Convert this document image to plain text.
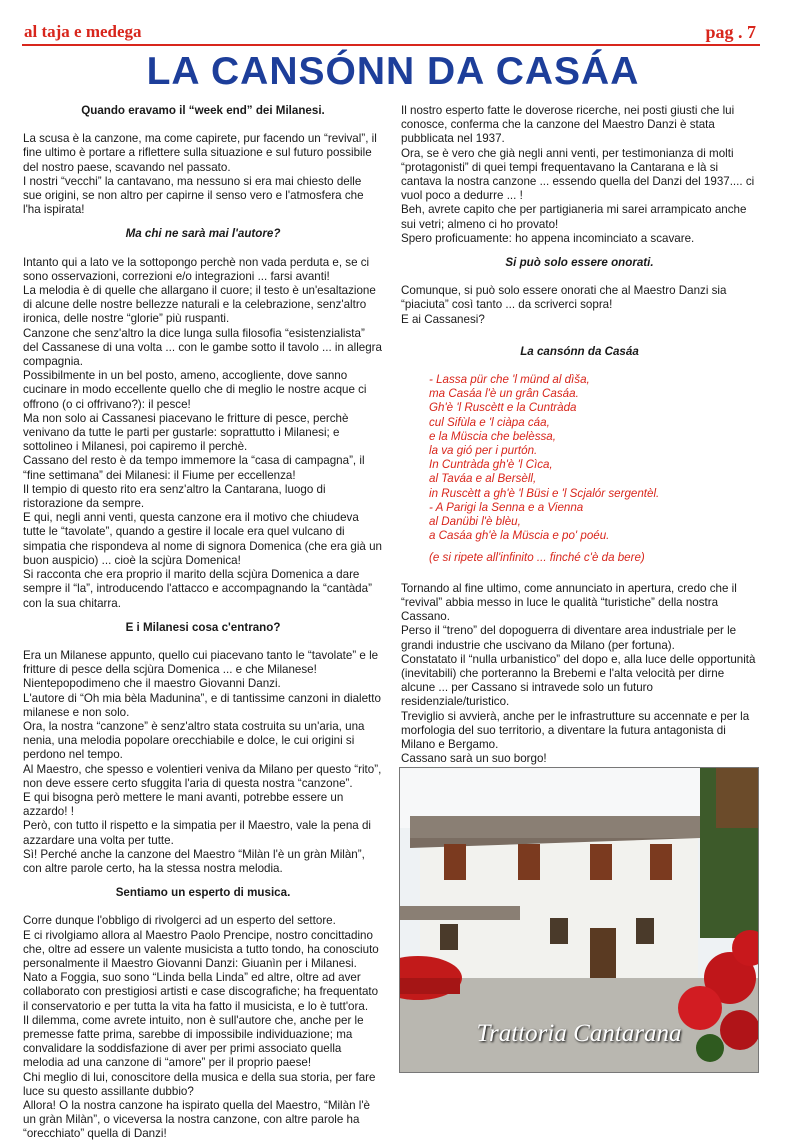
al taja e medega	pag . 7
LA CANSÓNN DA CASÁA
Quando eravamo il “week end” dei Milanesi.

La scusa è la canzone, ma come capirete, pur facendo un “revival”, il fine ultimo è portare a riflettere sulla situazione e sul futuro possibile del nostro paese, scavando nel passato.
I nostri “vecchi” la cantavano, ma nessuno si era mai chiesto delle sue origini, se non altro per capirne il senso vero e l'atmosfera che l'ha ispirata!

Ma chi ne sarà mai l'autore?

Intanto qui a lato ve la sottopongo perchè non vada perduta e, se ci sono osservazioni, correzioni e/o integrazioni ... farsi avanti!
La melodia è di quelle che allargano il cuore; il testo è un'esaltazione di alcune delle nostre bellezze naturali e la celebrazione, senz'altro ironica, delle nostre “glorie” più ruspanti.
Canzone che senz'altro la dice lunga sulla filosofia “esistenzialista” del Cassanese di una volta ... con le gambe sotto il tavolo ... in allegra compagnia.
Possibilmente in un bel posto, ameno, accogliente, dove sanno cucinare in modo eccellente quello che di meglio le nostre acque ci offrono (o ci offrivano?): il pesce!
Ma non solo ai Cassanesi piacevano le fritture di pesce, perchè venivano da tutte le parti per gustarle: soprattutto i Milanesi; e sottolineo i Milanesi, poi capiremo il perchè.
Cassano del resto è da tempo immemore la “casa di campagna”, il “fine settimana” dei Milanesi: il Fiume per eccellenza!
Il tempio di questo rito era senz'altro la Cantarana, luogo di ristorazione da sempre.
E qui, negli anni venti, questa canzone era il motivo che chiudeva tutte le “tavolate”, quando a gestire il locale era quel vulcano di simpatia che rispondeva al nome di signora Domenica (che era già un buon auspicio) ... cioè la scjùra Domenica!
Si racconta che era proprio il marito della scjùra Domenica a dare sempre il “la”, introducendo l'attacco e accompagnando la “cantàda” con la sua chitarra.

E i Milanesi cosa c'entrano?

Era un Milanese appunto, quello cui piacevano tanto le “tavolate” e le fritture di pesce della scjùra Domenica ... e che Milanese! Nientepopodimeno che il maestro Giovanni Danzi.
L'autore di “Oh mia bèla Madunina”, e di tantissime canzoni in dialetto milanese e non solo.
Ora, la nostra “canzone” è senz'altro stata costruita su un'aria, una nenia, una melodia popolare orecchiabile e dolce, le cui origini si perdono nel tempo.
Al Maestro, che spesso e volentieri veniva da Milano per questo “rito”, non deve essere certo sfuggita l'aria di questa nostra “canzone”.
E qui bisogna però mettere le mani avanti, potrebbe essere un azzardo! !
Però, con tutto il rispetto e la simpatia per il Maestro, vale la pena di azzardare una volta per tutte.
Sì! Perché anche la canzone del Maestro “Milàn l'è un gràn Milàn”, con altre parole certo, ha la stessa nostra melodia.

Sentiamo un esperto di musica.

Corre dunque l'obbligo di rivolgerci ad un esperto del settore.
E ci rivolgiamo allora al Maestro Paolo Prencipe, nostro concittadino che, oltre ad essere un valente musicista a tutto tondo, ha conosciuto personalmente il Maestro Giovanni Danzi: Giuanìn per i Milanesi.
Nato a Foggia, suo sono “Linda bella Linda” ed altre, oltre ad aver collaborato con prestigiosi artisti e case discografiche; ha frequentato il conservatorio e per tutta la vita ha fatto il musicista, e lo è tutt'ora.
Il dilemma, come avrete intuito, non è sull'autore che, anche per le premesse fatte prima, sarebbe di impossibile individuazione; ma convalidare la soddisfazione di aver per primi associato quella melodia ad una canzone di “amore” per il proprio paese!
Chi meglio di lui, conoscitore della musica e della sua storia, per fare luce su questo assillante dubbio?
Allora! O la nostra canzone ha ispirato quella del Maestro, “Milàn l'è un gràn Milàn”, o viceversa la nostra canzone, con altre parole ha “orecchiato” quella di Danzi!

Il nostro esperto fatte le doverose ricerche, nei posti giusti che lui conosce, conferma che la canzone del Maestro Danzi è stata pubblicata nel 1937.
Ora, se è vero che già negli anni venti, per testimonianza di molti “protagonisti” di quei tempi frequentavano la Cantarana e là si cantava la nostra canzone ... essendo quella del Danzi del 1937.... ci vuol poco a dedurre ... !
Beh, avrete capito che per partigianeria mi sarei arrampicato anche sui vetri; almeno ci ho provato!
Spero proficuamente: ho appena incominciato a scavare.

Si può solo essere onorati.

Comunque, si può solo essere onorati che al Maestro Danzi sia “piaciuta” così tanto ... da scriverci sopra!
E ai Cassanesi?

La cansónn da Casáa

- Lassa pür che 'l münd al dìša,

ma Casáa l'è un grân Casáa.

Gh'è 'l Ruscètt e la Cuntràda

cul Sifùla e 'l ciàpa cáa,

e la Müscia che belèssa,

la va gió per i purtón.

In Cuntràda gh'è 'l Cìca,

al Taváa e al Bersèll,

in Ruscètt a gh'è 'l Büsi e 'l Scjalór sergentèl.

- A Parigi la Senna e a Vienna

al Danübi l'è blèu,

a Casáa gh'è la Müscia e po' poéu.

(e si ripete all'infinito ... finché c'è da bere)

Tornando al fine ultimo, come annunciato in apertura, credo che il “revival” abbia messo in luce le qualità “turistiche” della nostra Cassano.
Perso il “treno” del dopoguerra di diventare area industriale per le grandi industrie che uscivano da Milano (per fortuna).
Constatato il “nulla urbanistico” del dopo e, alla luce delle opportunità (inevitabili) che porteranno la Brebemi e l'alta velocità per dirne alcune ... per Cassano si intravede solo un futuro residenziale/turistico.
Treviglio si avvierà, anche per le infrastrutture su accennate e per la morfologia del suo territorio, a diventare la futura antagonista di Milano e Bergamo.
Cassano sarà un suo borgo!

Trattoria Cantarana
